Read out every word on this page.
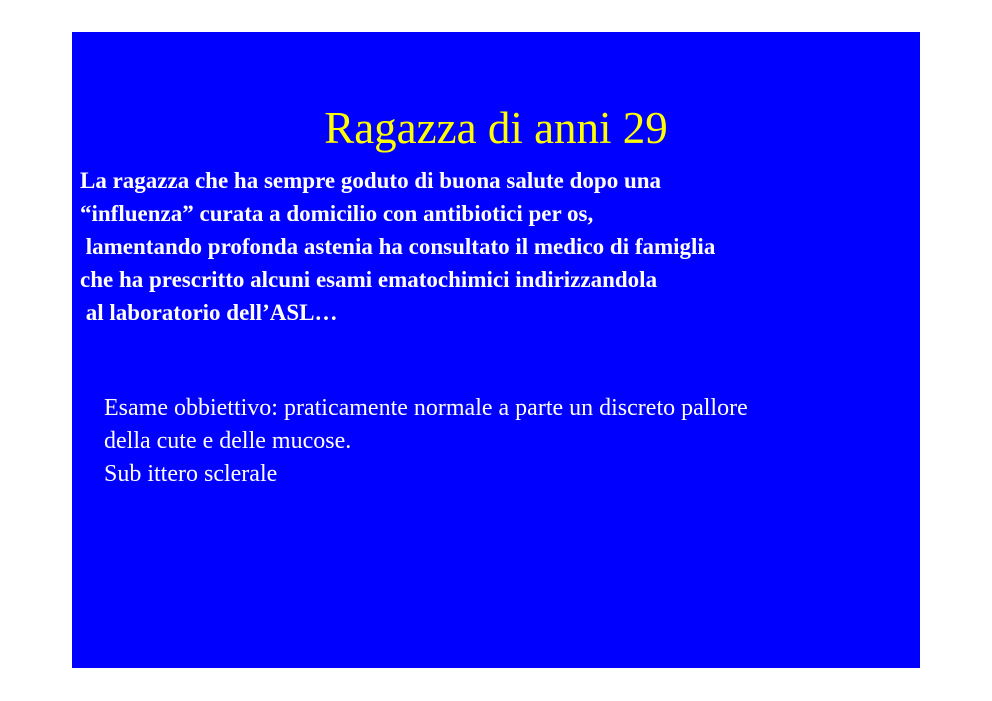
Ragazza di anni 29
La ragazza che ha sempre goduto di buona salute dopo una
“influenza” curata a domicilio con antibiotici per os,
lamentando profonda astenia ha consultato il medico di famiglia
che ha prescritto alcuni esami ematochimici indirizzandola
al laboratorio dell’ASL…
Esame obbiettivo: praticamente normale a parte un discreto pallore
della cute e delle mucose.
Sub ittero sclerale
